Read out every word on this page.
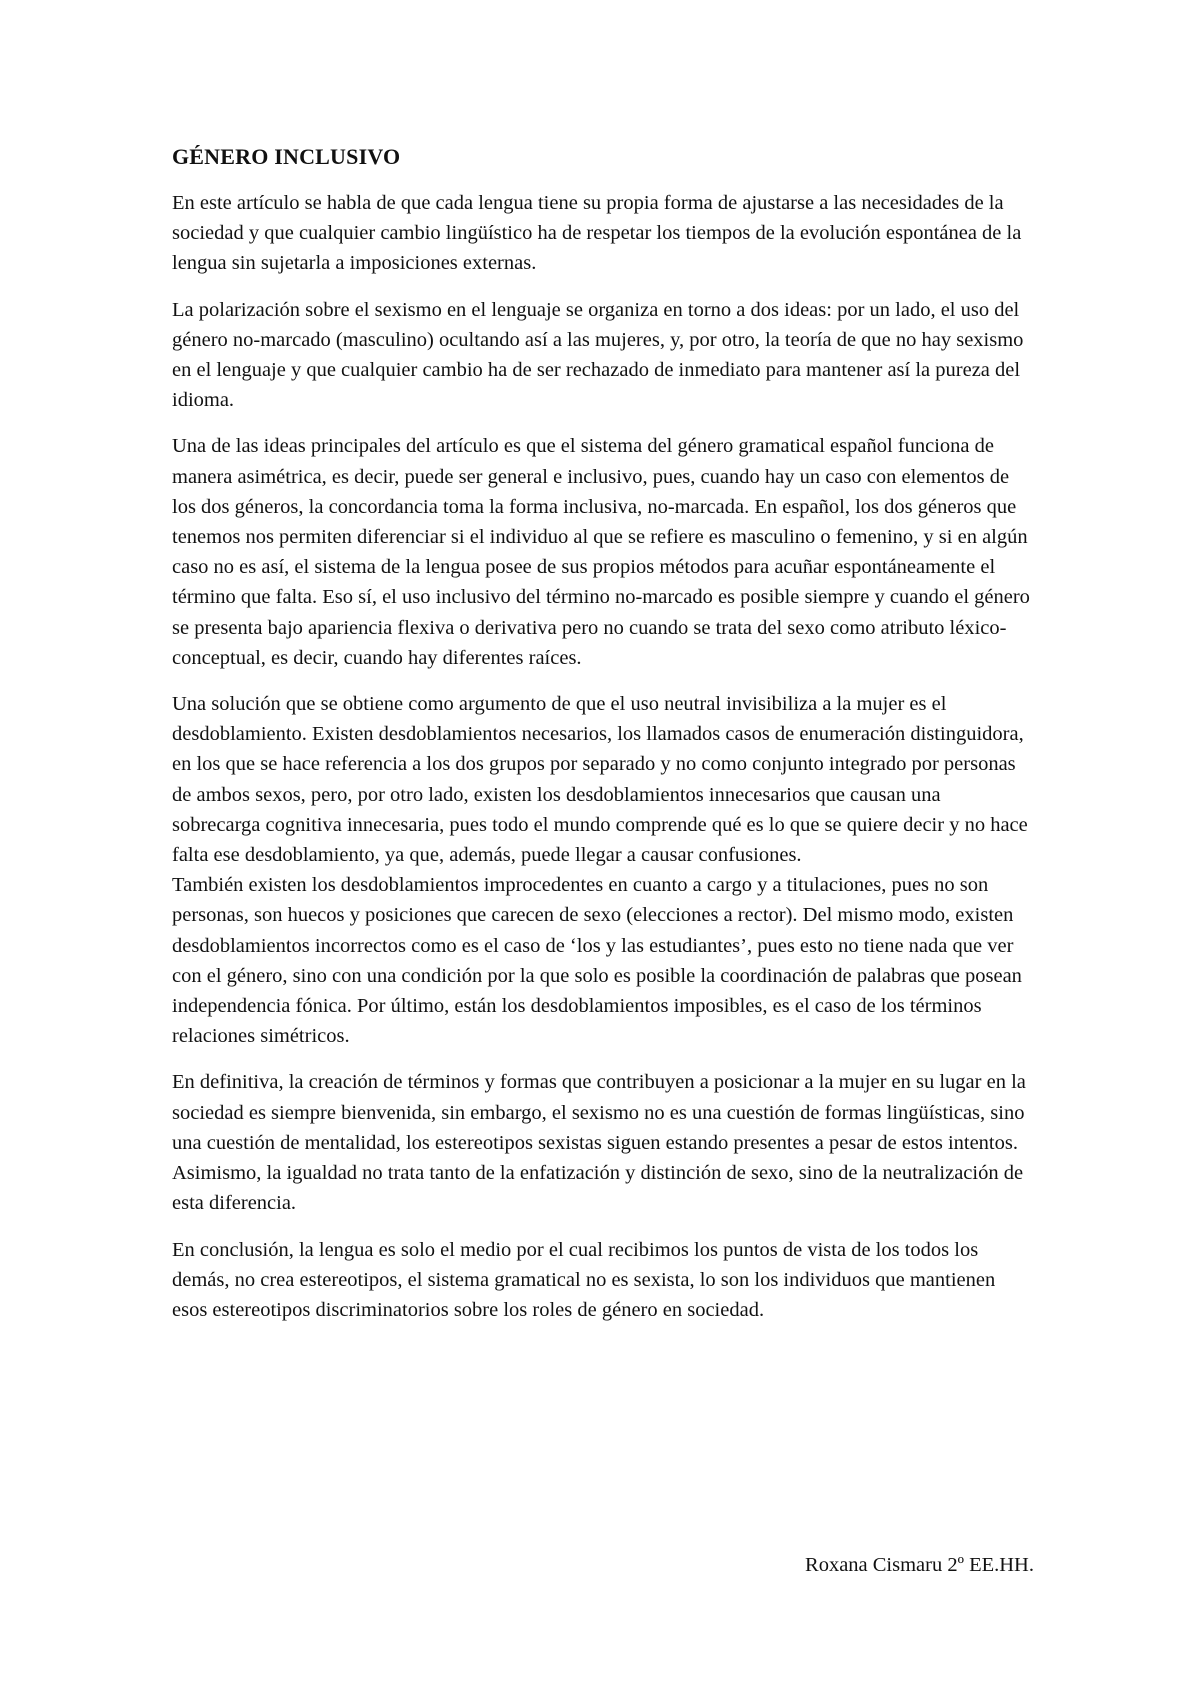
GÉNERO INCLUSIVO

En este artículo se habla de que cada lengua tiene su propia forma de ajustarse a las necesidades de la sociedad y que cualquier cambio lingüístico ha de respetar los tiempos de la evolución espontánea de la lengua sin sujetarla a imposiciones externas.

La polarización sobre el sexismo en el lenguaje se organiza en torno a dos ideas: por un lado, el uso del género no-marcado (masculino) ocultando así a las mujeres, y, por otro, la teoría de que no hay sexismo en el lenguaje y que cualquier cambio ha de ser rechazado de inmediato para mantener así la pureza del idioma.

Una de las ideas principales del artículo es que el sistema del género gramatical español funciona de manera asimétrica, es decir, puede ser general e inclusivo, pues, cuando hay un caso con elementos de los dos géneros, la concordancia toma la forma inclusiva, no-marcada. En español, los dos géneros que tenemos nos permiten diferenciar si el individuo al que se refiere es masculino o femenino, y si en algún caso no es así, el sistema de la lengua posee de sus propios métodos para acuñar espontáneamente el término que falta. Eso sí, el uso inclusivo del término no-marcado es posible siempre y cuando el género se presenta bajo apariencia flexiva o derivativa pero no cuando se trata del sexo como atributo léxico-conceptual, es decir, cuando hay diferentes raíces.

Una solución que se obtiene como argumento de que el uso neutral invisibiliza a la mujer es el desdoblamiento. Existen desdoblamientos necesarios, los llamados casos de enumeración distinguidora, en los que se hace referencia a los dos grupos por separado y no como conjunto integrado por personas de ambos sexos, pero, por otro lado, existen los desdoblamientos innecesarios que causan una sobrecarga cognitiva innecesaria, pues todo el mundo comprende qué es lo que se quiere decir y no hace falta ese desdoblamiento, ya que, además, puede llegar a causar confusiones.

También existen los desdoblamientos improcedentes en cuanto a cargo y a titulaciones, pues no son personas, son huecos y posiciones que carecen de sexo (elecciones a rector). Del mismo modo, existen desdoblamientos incorrectos como es el caso de ‘los y las estudiantes’, pues esto no tiene nada que ver con el género, sino con una condición por la que solo es posible la coordinación de palabras que posean independencia fónica. Por último, están los desdoblamientos imposibles, es el caso de los términos relaciones simétricos.

En definitiva, la creación de términos y formas que contribuyen a posicionar a la mujer en su lugar en la sociedad es siempre bienvenida, sin embargo, el sexismo no es una cuestión de formas lingüísticas, sino una cuestión de mentalidad, los estereotipos sexistas siguen estando presentes a pesar de estos intentos. Asimismo, la igualdad no trata tanto de la enfatización y distinción de sexo, sino de la neutralización de esta diferencia.

En conclusión, la lengua es solo el medio por el cual recibimos los puntos de vista de los todos los demás, no crea estereotipos, el sistema gramatical no es sexista, lo son los individuos que mantienen esos estereotipos discriminatorios sobre los roles de género en sociedad.

Roxana Cismaru 2º EE.HH.
